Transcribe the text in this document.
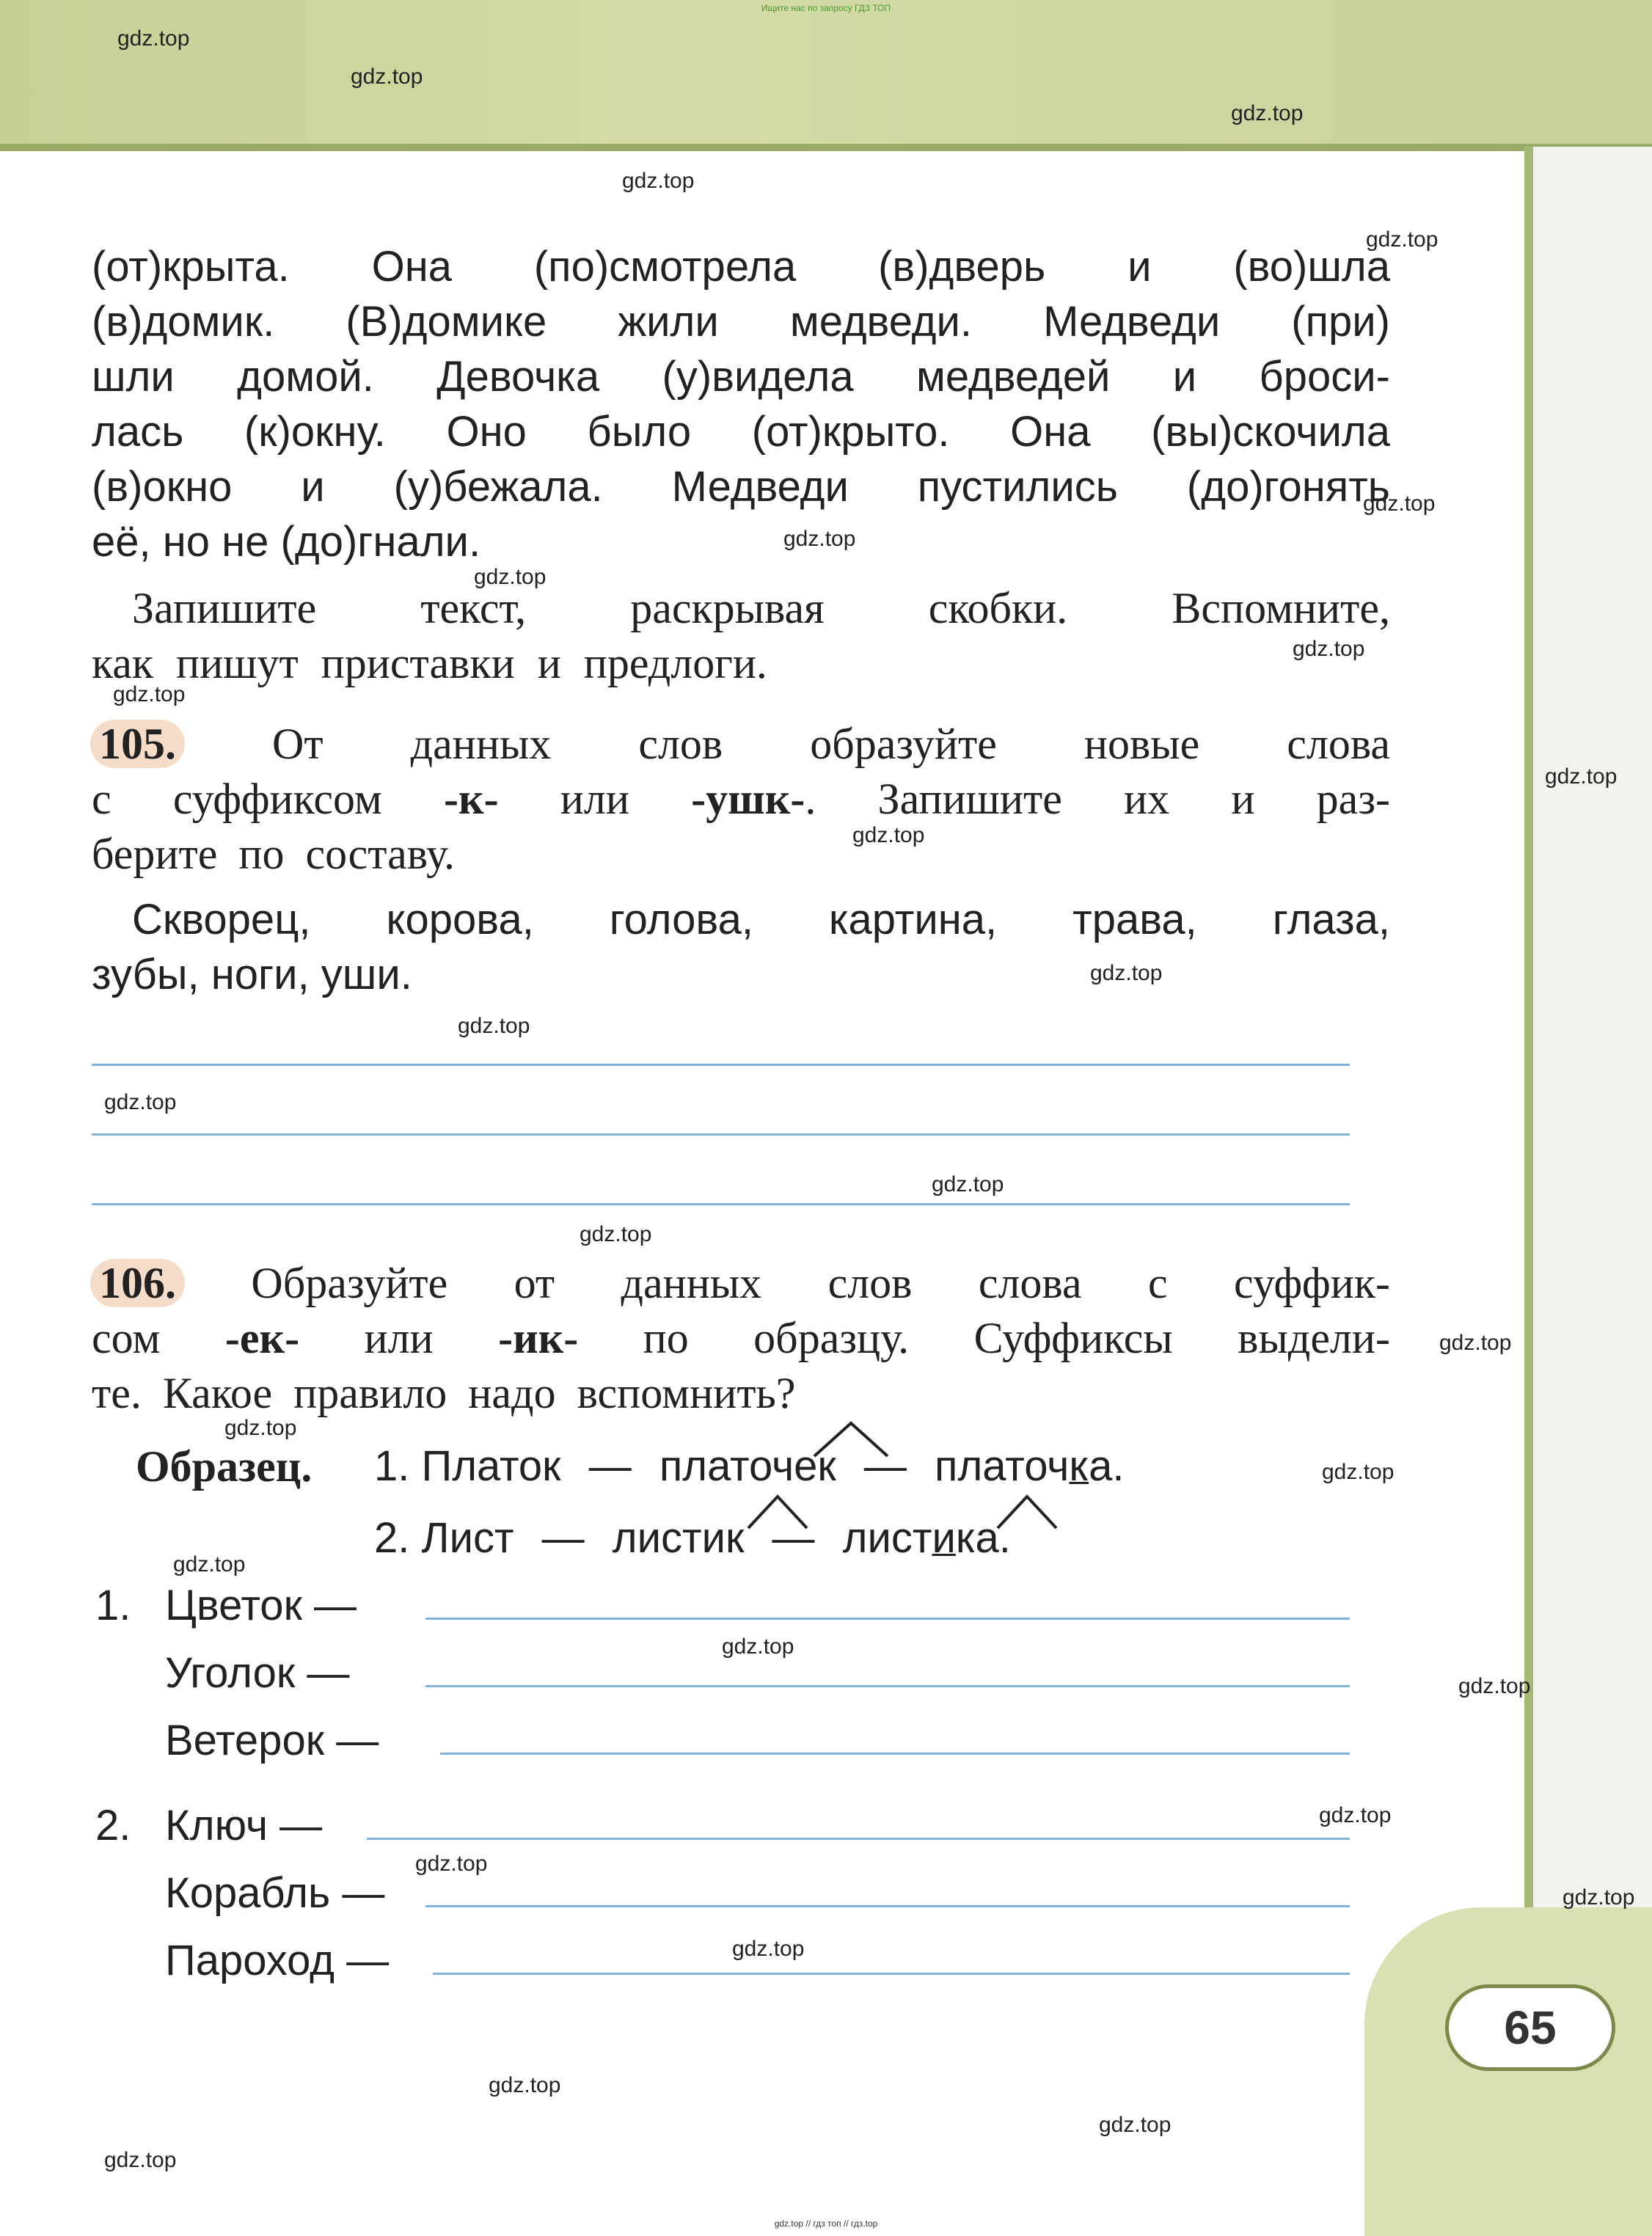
65
Ищите нас по запросу ГДЗ ТОП
gdz.top // гдз топ // гдз.top
(от)крыта. Она (по)смотрела (в)дверь и (во)шла
(в)домик. (В)домике жили медведи. Медведи (при)
шли домой. Девочка (у)видела медведей и броси-
лась (к)окну. Оно было (от)крыто. Она (вы)скочила
(в)окно и (у)бежала. Медведи пустились (до)гонять
её, но не (до)гнали.
Запишите текст, раскрывая скобки. Вспомните,
как пишут приставки и предлоги.
105. От данных слов образуйте новые слова
с суффиксом -к- или -ушк-. Запишите их и раз-
берите по составу.
Скворец, корова, голова, картина, трава, глаза,
зубы, ноги, уши.
106. Образуйте от данных слов слова с суффик-
сом -ек- или -ик- по образцу. Суффиксы выдели-
те. Какое правило надо вспомнить?
Образец. 1. Платок — платочек — платочка.
2. Лист — листик — листика.
1. Цветок —
Уголок —
Ветерок —
2. Ключ —
Корабль —
Пароход —
gdz.top
gdz.top
gdz.top
gdz.top
gdz.top
gdz.top
gdz.top
gdz.top
gdz.top
gdz.top
gdz.top
gdz.top
gdz.top
gdz.top
gdz.top
gdz.top
gdz.top
gdz.top
gdz.top
gdz.top
gdz.top
gdz.top
gdz.top
gdz.top
gdz.top
gdz.top
gdz.top
gdz.top
gdz.top
gdz.top
